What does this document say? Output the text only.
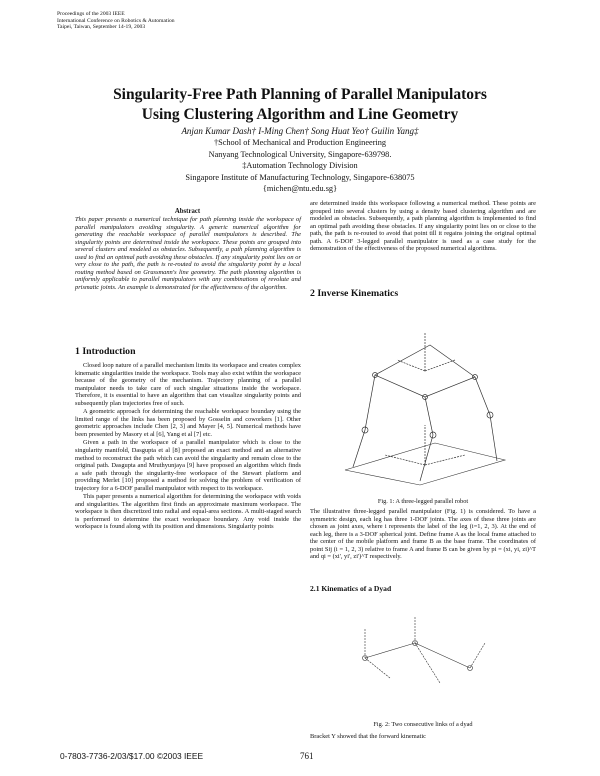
Proceedings of the 2003 IEEE
International Conference on Robotics & Automation
Taipei, Taiwan, September 14-19, 2003
Singularity-Free Path Planning of Parallel Manipulators
Using Clustering Algorithm and Line Geometry
Anjan Kumar Dash† I-Ming Chen† Song Huat Yeo† Guilin Yang‡
†School of Mechanical and Production Engineering
Nanyang Technological University, Singapore-639798.
‡Automation Technology Division
Singapore Institute of Manufacturing Technology, Singapore-638075
{michen@ntu.edu.sg}
Abstract
This paper presents a numerical technique for path planning inside the workspace of parallel manipulators avoiding singularity. A generic numerical algorithm for generating the reachable workspace of parallel manipulators is described. The singularity points are determined inside the workspace. These points are grouped into several clusters and modeled as obstacles. Subsequently, a path planning algorithm is used to find an optimal path avoiding these obstacles. If any singularity point lies on or very close to the path, the path is re-routed to avoid the singularity point by a local routing method based on Grassmann's line geometry. The path planning algorithm is uniformly applicable to parallel manipulators with any combinations of revolute and prismatic joints. An example is demonstrated for the effectiveness of the algorithm.
1 Introduction

Closed loop nature of a parallel mechanism limits its workspace and creates complex kinematic singularities inside the workspace. Tools may also exist within the workspace because of the geometry of the mechanism. Trajectory planning of a parallel manipulator needs to take care of such singular situations inside the workspace. Therefore, it is essential to have an algorithm that can visualize singularity points and subsequently plan trajectories free of such.

A geometric approach for determining the reachable workspace boundary using the limited range of the links has been proposed by Gosselin and coworkers [1]. Other geometric approaches include Chen [2, 3] and Mayer [4, 5]. Numerical methods have been presented by Masory et al [6], Yang et al [7] etc.

Given a path in the workspace of a parallel manipulator which is close to the singularity manifold, Dasgupta et al [8] proposed an exact method and an alternative method to reconstruct the path which can avoid the singularity and remain close to the original path. Dasgupta and Mruthyunjaya [9] have proposed an algorithm which finds a safe path through the singularity-free workspace of the Stewart platform and providing Merlet [10] proposed a method for solving the problem of verification of trajectory for a 6-DOF parallel manipulator with respect to its workspace.

This paper presents a numerical algorithm for determining the workspace with voids and singularities. The algorithm first finds an approximate maximum workspace. The workspace is then discretized into radial and equal-area sections. A multi-staged search is performed to determine the exact workspace boundary. Any void inside the workspace is found along with its position and dimensions. Singularity points

are determined inside this workspace following a numerical method. These points are grouped into several clusters by using a density based clustering algorithm and are modeled as obstacles. Subsequently, a path planning algorithm is implemented to find an optimal path avoiding these obstacles. If any singularity point lies on or close to the path, the path is re-routed to avoid that point till it regains joining the original optimal path. A 6-DOF 3-legged parallel manipulator is used as a case study for the demonstration of the effectiveness of the proposed numerical algorithms.
2 Inverse Kinematics
Fig. 1: A three-legged parallel robot
The illustrative three-legged parallel manipulator (Fig. 1) is considered. To have a symmetric design, each leg has three 1-DOF joints. The axes of these three joints are chosen as joint axes, where i represents the label of the leg (i=1, 2, 3). At the end of each leg, there is a 3-DOF spherical joint. Define frame A as the local frame attached to the center of the mobile platform and frame B as the base frame. The coordinates of point Sij (i = 1, 2, 3) relative to frame A and frame B can be given by pi = (xi, yi, zi)^T and qi = (xi', yi', zi')^T respectively.
2.1 Kinematics of a Dyad
Fig. 2: Two consecutive links of a dyad
Bracket Y showed that the forward kinematic
0-7803-7736-2/03/$17.00 ©2003 IEEE	761
